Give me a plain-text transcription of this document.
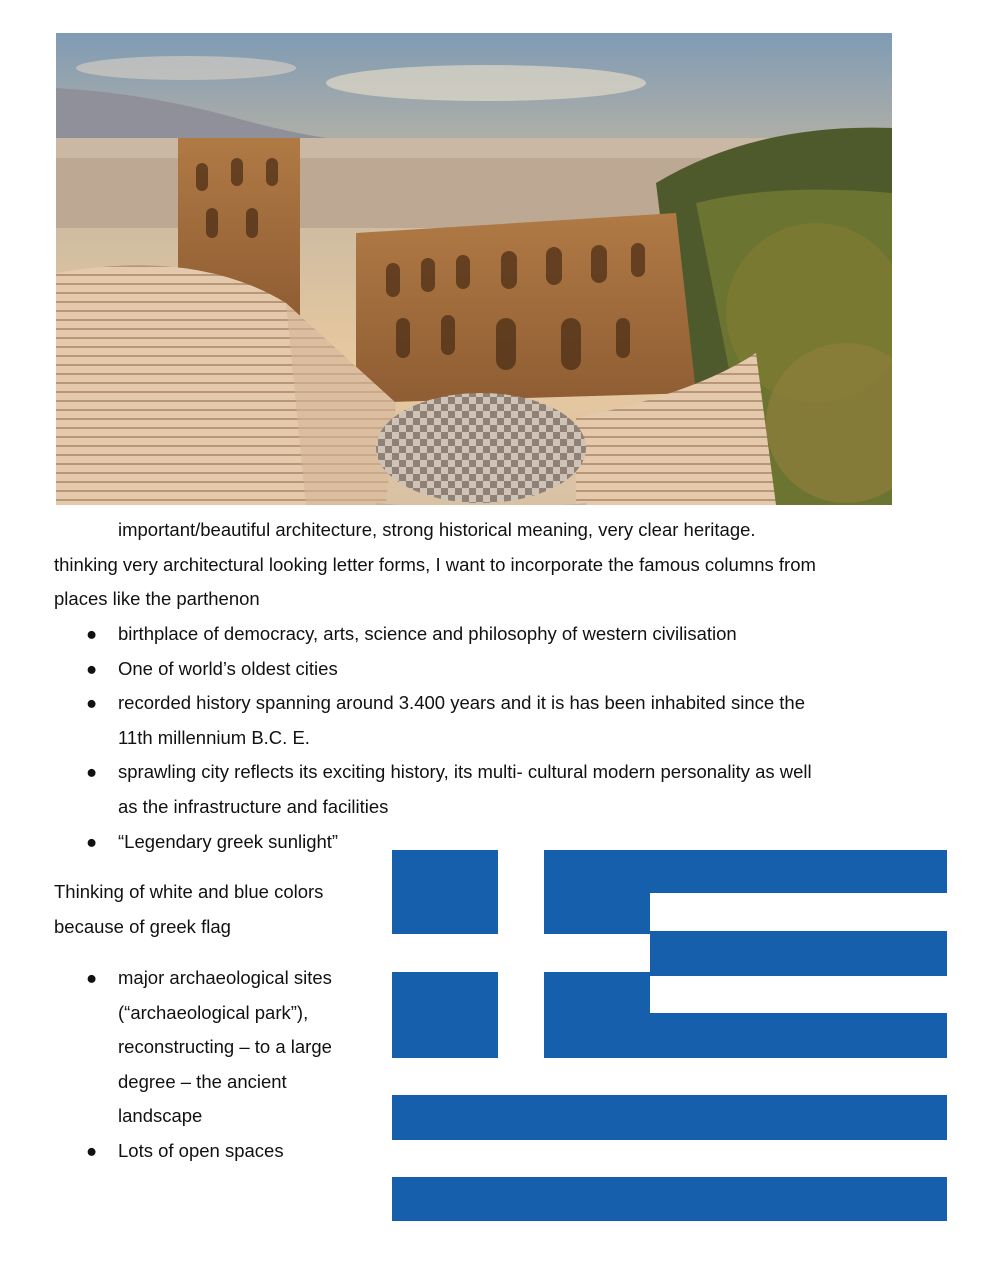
important/beautiful architecture, strong historical meaning, very clear heritage.
thinking very architectural looking letter forms, I want to incorporate the famous columns from
places like the parthenon
● birthplace of democracy, arts, science and philosophy of western civilisation
● One of world’s oldest cities
● recorded history spanning around 3.400 years and it is has been inhabited since the
11th millennium B.C. E.
● sprawling city reflects its exciting history, its multi- cultural modern personality as well
as the infrastructure and facilities
● “Legendary greek sunlight”
Thinking of white and blue colors
because of greek flag
● major archaeological sites
(“archaeological park”),
reconstructing – to a large
degree – the ancient
landscape
● Lots of open spaces
